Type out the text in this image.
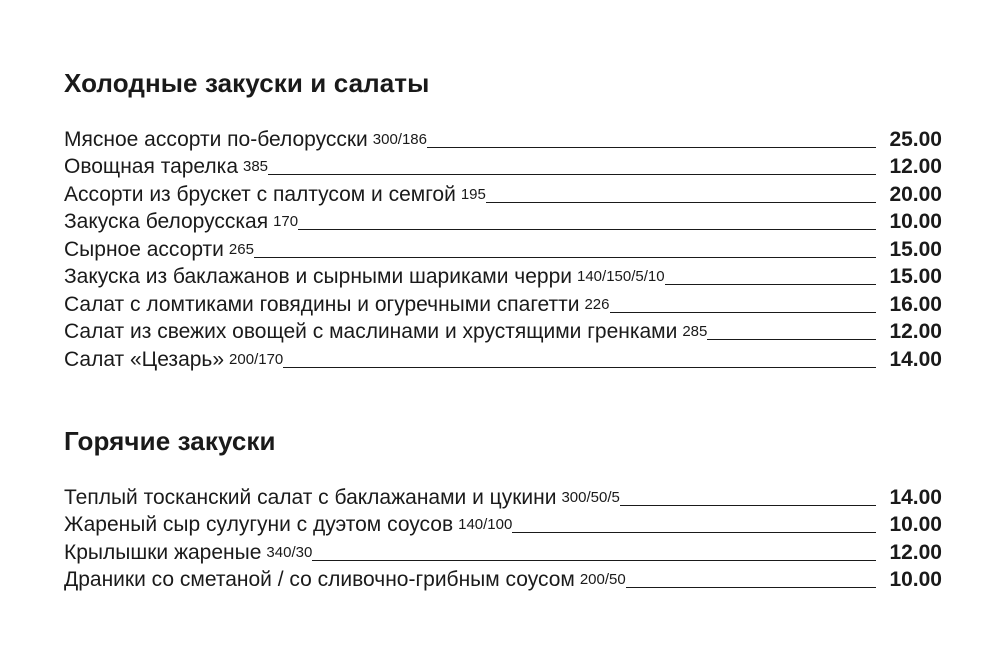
Холодные закуски и салаты
Мясное ассорти по-белорусски 300/186	25.00
Овощная тарелка 385	12.00
Ассорти из брускет с палтусом и семгой 195	20.00
Закуска белорусская 170	10.00
Сырное ассорти 265	15.00
Закуска из баклажанов и сырными шариками черри 140/150/5/10	15.00
Салат с ломтиками говядины и огуречными спагетти 226	16.00
Салат из свежих овощей с маслинами и хрустящими гренками 285	12.00
Салат «Цезарь» 200/170	14.00
Горячие закуски
Теплый тосканский салат с баклажанами и цукини 300/50/5	14.00
Жареный сыр сулугуни с дуэтом соусов 140/100	10.00
Крылышки жареные 340/30	12.00
Драники со сметаной / со сливочно-грибным соусом 200/50	10.00
